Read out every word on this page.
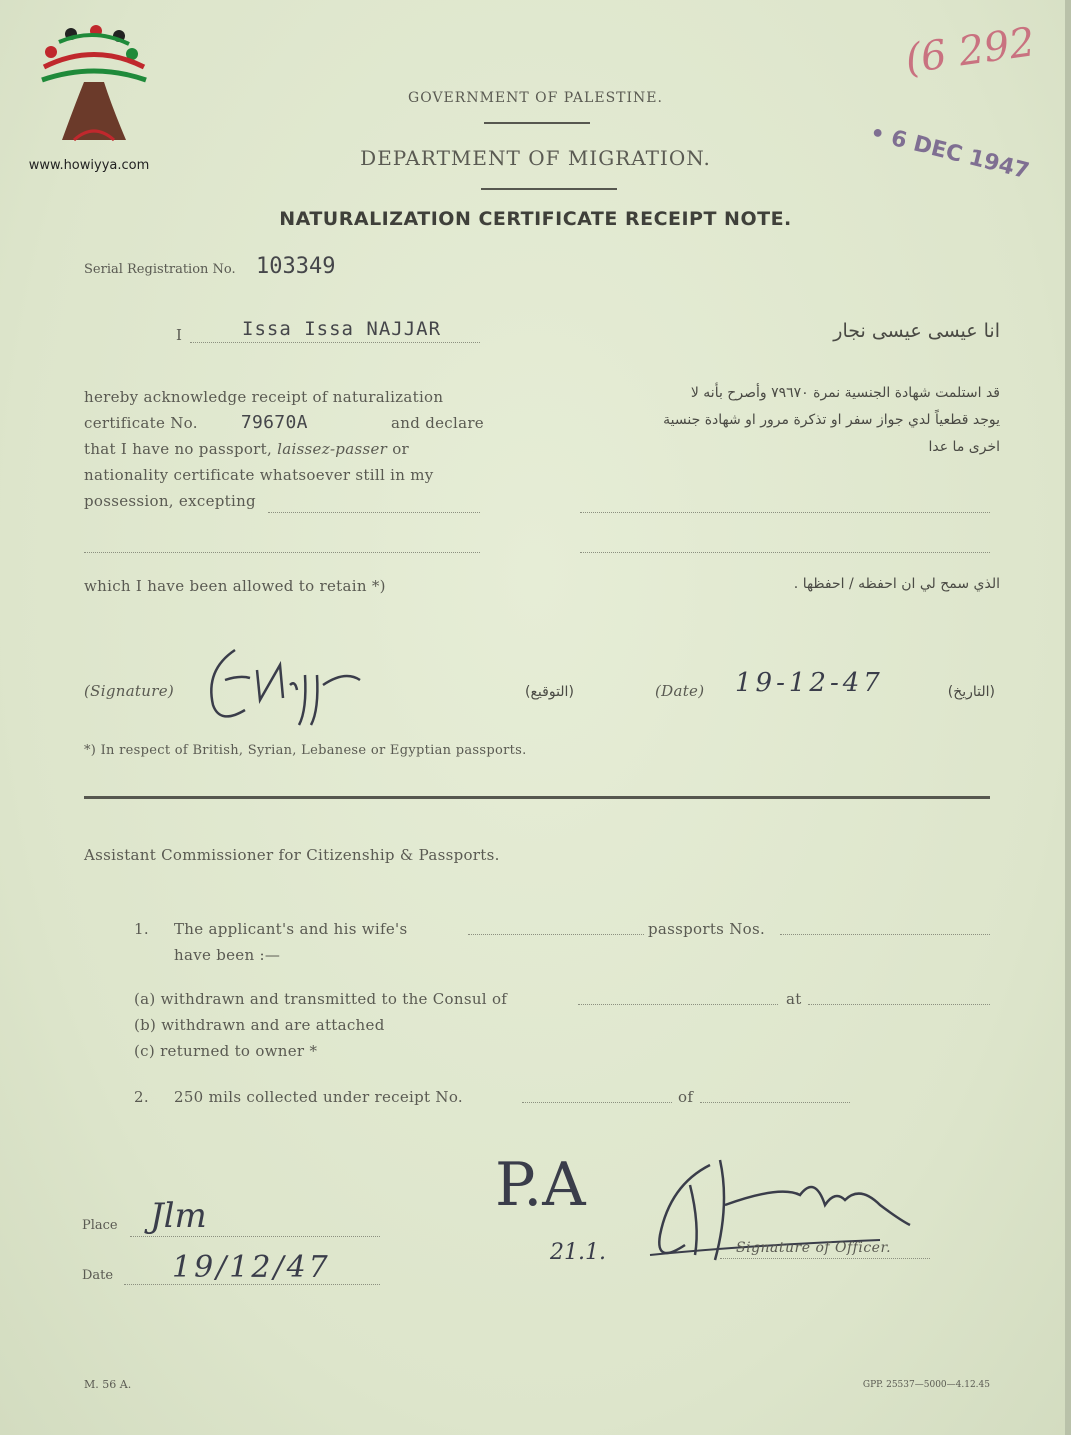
www.howiyya.com
GOVERNMENT OF PALESTINE.
DEPARTMENT OF MIGRATION.
NATURALIZATION CERTIFICATE RECEIPT NOTE.
(6 292
• 6 DEC 1947
Serial Registration No. 103349
I	Issa Issa NAJJAR	انا عيسى عيسى نجار
hereby acknowledge receipt of naturalization
certificate No. 79670A	and declare
that I have no passport, laissez-passer or
nationality certificate whatsoever still in my
possession, excepting
قد استلمت شهادة الجنسية نمرة ٧٩٦٧٠ وأصرح بأنه لا
يوجد قطعياً لدي جواز سفر او تذكرة مرور او شهادة جنسية
اخرى ما عدا
which I have been allowed to retain *)	الذي سمح لي ان احفظه / احفظها .
(Signature)	(التوقيع)	(Date) 19-12-47	(التاريخ)
*) In respect of British, Syrian, Lebanese or Egyptian passports.
Assistant Commissioner for Citizenship & Passports.
1. The applicant's and his wife's	passports Nos.
have been :—
(a) withdrawn and transmitted to the Consul of	at
(b) withdrawn and are attached
(c) returned to owner *
2. 250 mils collected under receipt No.	of
Place Jlm
Date 19/12/47
P.A
21.1.	Signature of Officer.
M. 56 A.	GPP. 25537—5000—4.12.45
